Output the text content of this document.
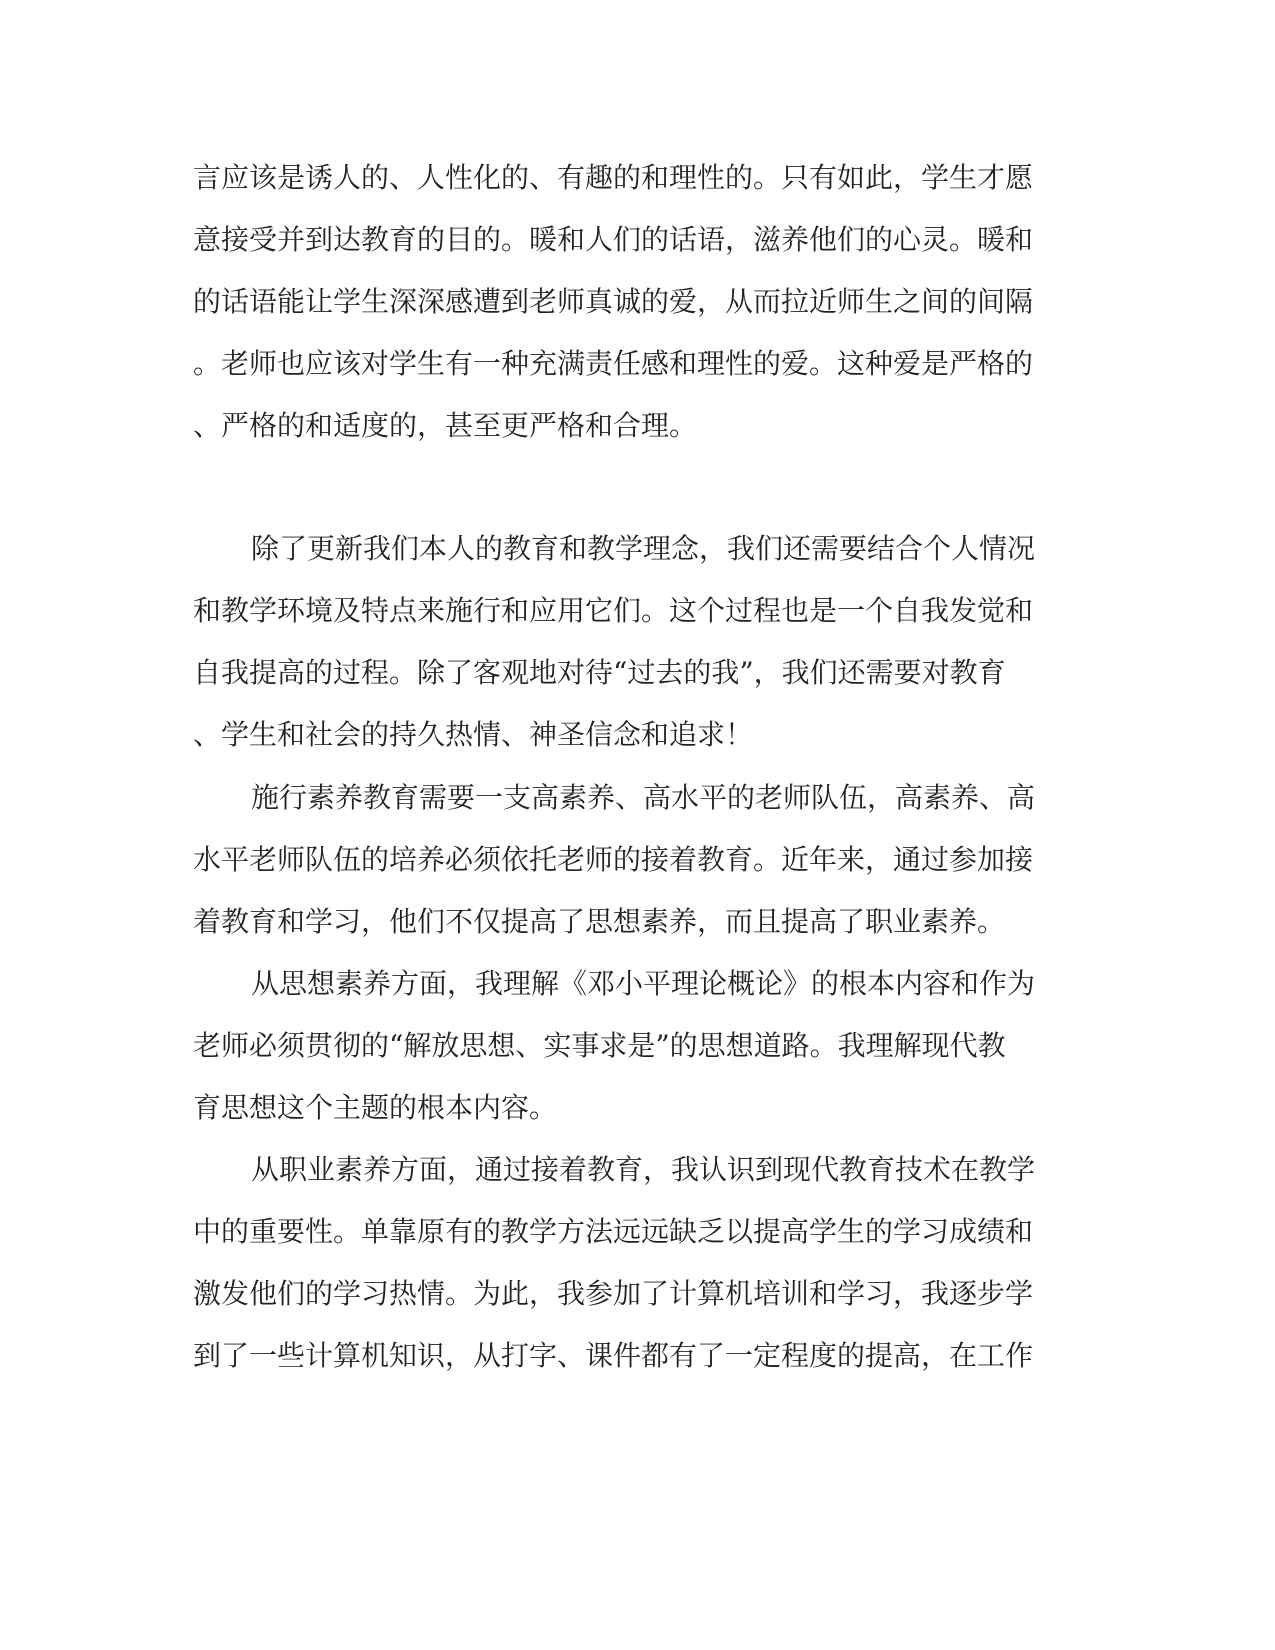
言应该是诱人的、人性化的、有趣的和理性的。只有如此，学生才愿
意接受并到达教育的目的。暖和人们的话语，滋养他们的心灵。暖和
的话语能让学生深深感遭到老师真诚的爱，从而拉近师生之间的间隔
。老师也应该对学生有一种充满责任感和理性的爱。这种爱是严格的
、严格的和适度的，甚至更严格和合理。
除了更新我们本人的教育和教学理念，我们还需要结合个人情况
和教学环境及特点来施行和应用它们。这个过程也是一个自我发觉和
自我提高的过程。除了客观地对待“过去的我”，我们还需要对教育
、学生和社会的持久热情、神圣信念和追求！
施行素养教育需要一支高素养、高水平的老师队伍，高素养、高
水平老师队伍的培养必须依托老师的接着教育。近年来，通过参加接
着教育和学习，他们不仅提高了思想素养，而且提高了职业素养。
从思想素养方面，我理解《邓小平理论概论》的根本内容和作为
老师必须贯彻的“解放思想、实事求是”的思想道路。我理解现代教
育思想这个主题的根本内容。
从职业素养方面，通过接着教育，我认识到现代教育技术在教学
中的重要性。单靠原有的教学方法远远缺乏以提高学生的学习成绩和
激发他们的学习热情。为此，我参加了计算机培训和学习，我逐步学
到了一些计算机知识，从打字、课件都有了一定程度的提高，在工作
